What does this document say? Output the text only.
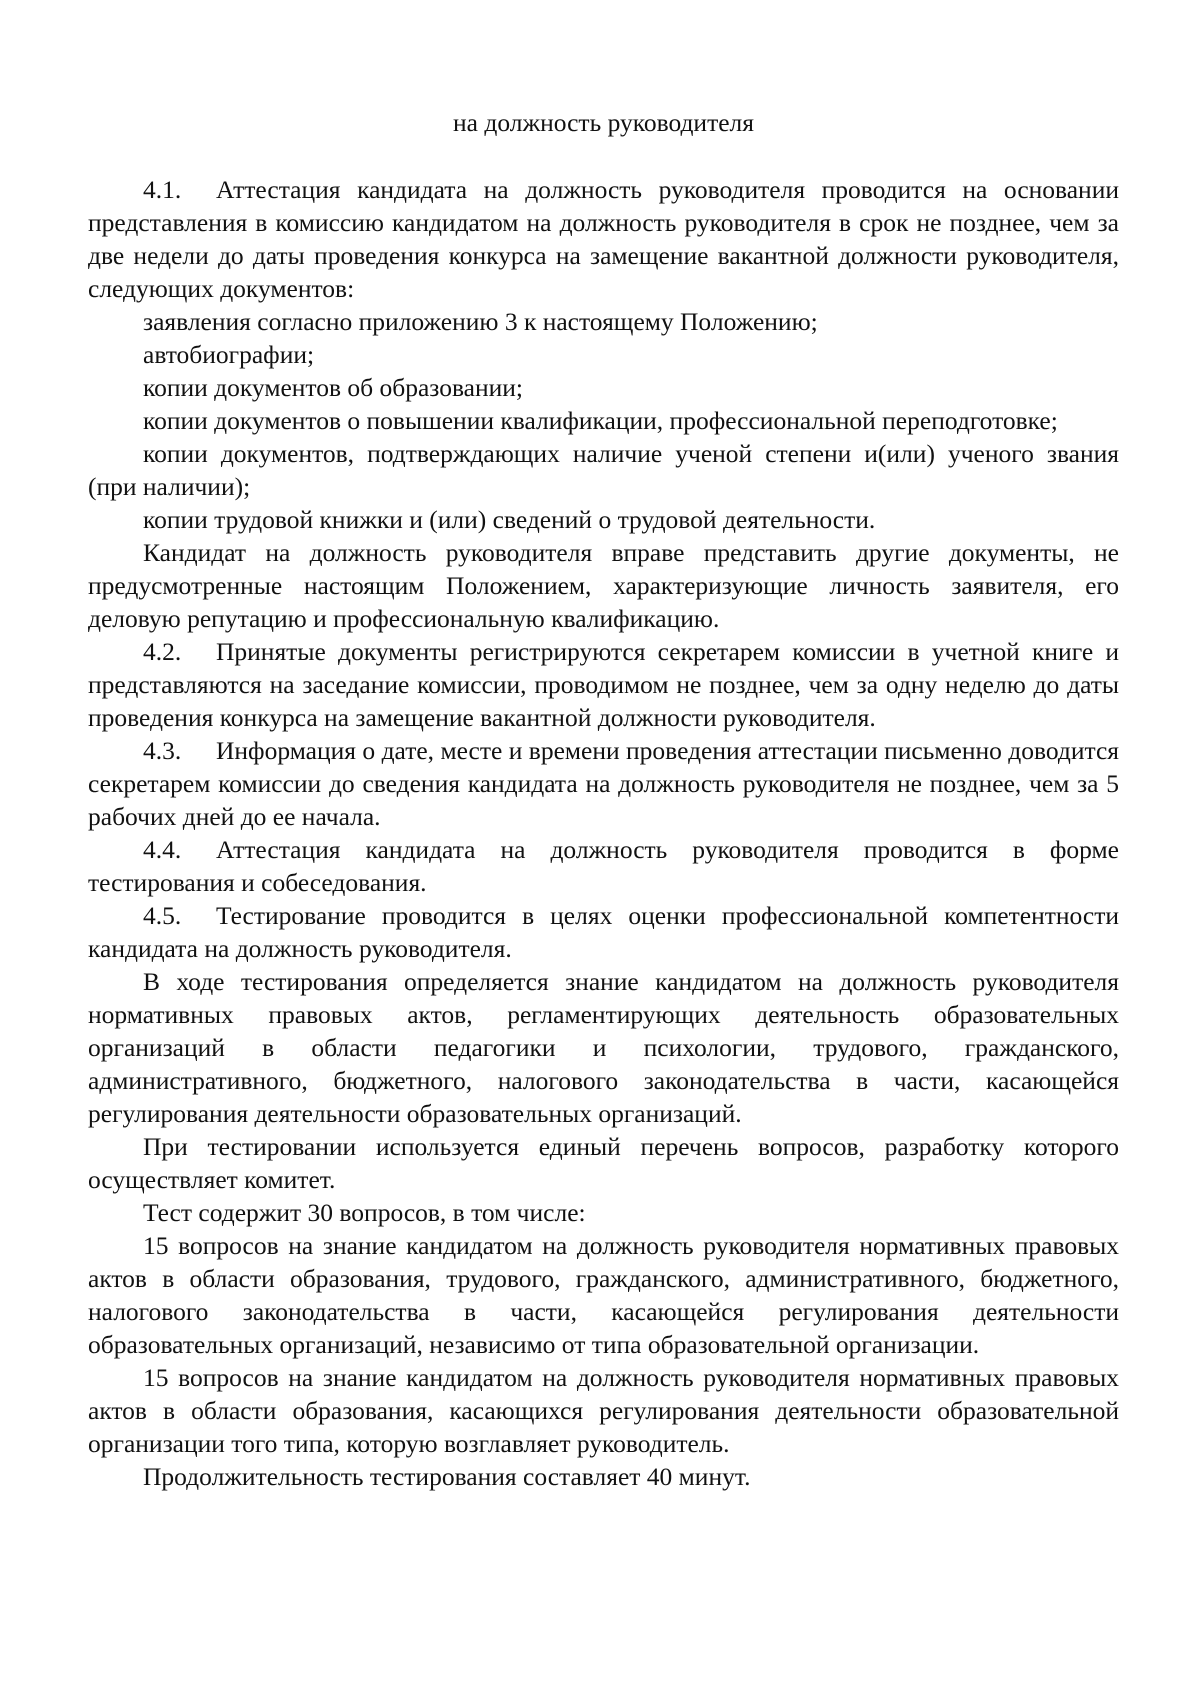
на должность руководителя

4.1. Аттестация кандидата на должность руководителя проводится на основании представления в комиссию кандидатом на должность руководителя в срок не позднее, чем за две недели до даты проведения конкурса на замещение вакантной должности руководителя, следующих документов:

заявления согласно приложению 3 к настоящему Положению;

автобиографии;

копии документов об образовании;

копии документов о повышении квалификации, профессиональной переподготовке;

копии документов, подтверждающих наличие ученой степени и(или) ученого звания (при наличии);

копии трудовой книжки и (или) сведений о трудовой деятельности.

Кандидат на должность руководителя вправе представить другие документы, не предусмотренные настоящим Положением, характеризующие личность заявителя, его деловую репутацию и профессиональную квалификацию.

4.2. Принятые документы регистрируются секретарем комиссии в учетной книге и представляются на заседание комиссии, проводимом не позднее, чем за одну неделю до даты проведения конкурса на замещение вакантной должности руководителя.

4.3. Информация о дате, месте и времени проведения аттестации письменно доводится секретарем комиссии до сведения кандидата на должность руководителя не позднее, чем за 5 рабочих дней до ее начала.

4.4. Аттестация кандидата на должность руководителя проводится в форме тестирования и собеседования.

4.5. Тестирование проводится в целях оценки профессиональной компетентности кандидата на должность руководителя.

В ходе тестирования определяется знание кандидатом на должность руководителя нормативных правовых актов, регламентирующих деятельность образовательных организаций в области педагогики и психологии, трудового, гражданского, административного, бюджетного, налогового законодательства в части, касающейся регулирования деятельности образовательных организаций.

При тестировании используется единый перечень вопросов, разработку которого осуществляет комитет.

Тест содержит 30 вопросов, в том числе:

15 вопросов на знание кандидатом на должность руководителя нормативных правовых актов в области образования, трудового, гражданского, административного, бюджетного, налогового законодательства в части, касающейся регулирования деятельности образовательных организаций, независимо от типа образовательной организации.

15 вопросов на знание кандидатом на должность руководителя нормативных правовых актов в области образования, касающихся регулирования деятельности образовательной организации того типа, которую возглавляет руководитель.

Продолжительность тестирования составляет 40 минут.
